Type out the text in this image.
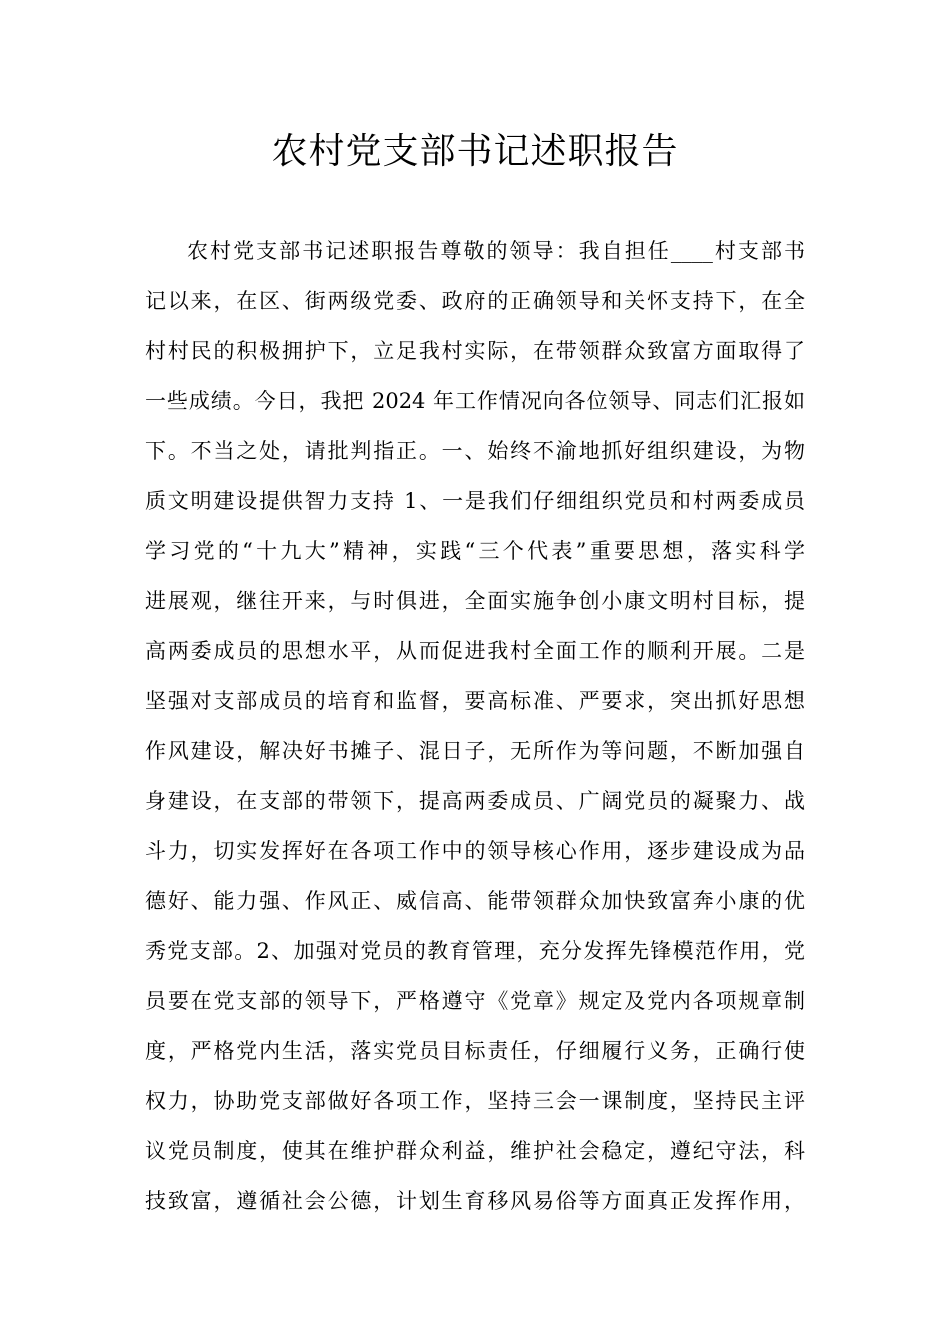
农村党支部书记述职报告
农村党支部书记述职报告尊敬的领导：我自担任____村支部书
记以来，在区、街两级党委、政府的正确领导和关怀支持下，在全
村村民的积极拥护下，立足我村实际，在带领群众致富方面取得了
一些成绩。今日，我把 2024 年工作情况向各位领导、同志们汇报如
下。不当之处，请批判指正。一、始终不渝地抓好组织建设，为物
质文明建设提供智力支持 1、一是我们仔细组织党员和村两委成员
学习党的“十九大”精神，实践“三个代表”重要思想，落实科学
进展观，继往开来，与时俱进，全面实施争创小康文明村目标，提
高两委成员的思想水平，从而促进我村全面工作的顺利开展。二是
坚强对支部成员的培育和监督，要高标准、严要求，突出抓好思想
作风建设，解决好书摊子、混日子，无所作为等问题，不断加强自
身建设，在支部的带领下，提高两委成员、广阔党员的凝聚力、战
斗力，切实发挥好在各项工作中的领导核心作用，逐步建设成为品
德好、能力强、作风正、威信高、能带领群众加快致富奔小康的优
秀党支部。2、加强对党员的教育管理，充分发挥先锋模范作用，党
员要在党支部的领导下，严格遵守《党章》规定及党内各项规章制
度，严格党内生活，落实党员目标责任，仔细履行义务，正确行使
权力，协助党支部做好各项工作，坚持三会一课制度，坚持民主评
议党员制度，使其在维护群众利益，维护社会稳定，遵纪守法，科
技致富，遵循社会公德，计划生育移风易俗等方面真正发挥作用，
